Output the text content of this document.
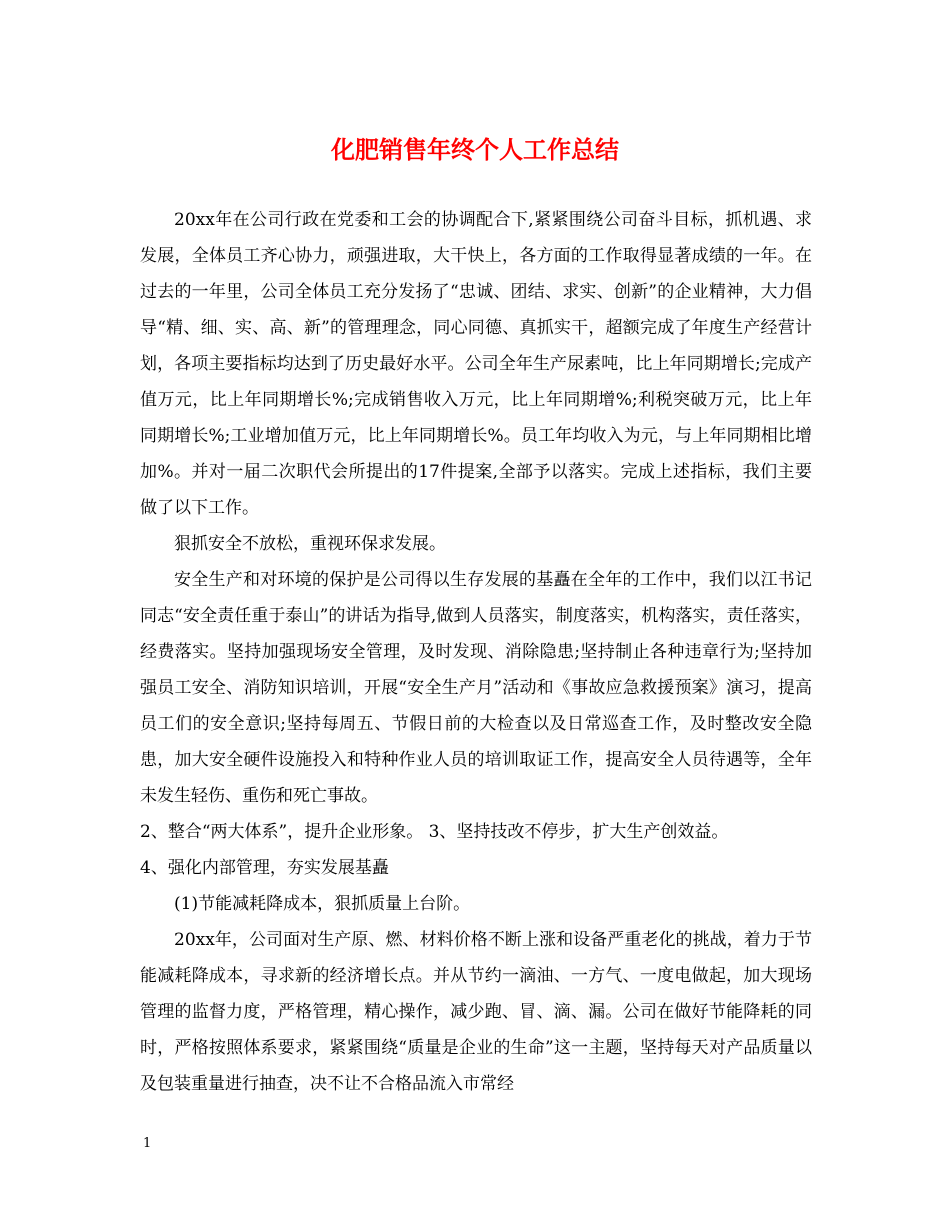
化肥销售年终个人工作总结

20xx年在公司行政在党委和工会的协调配合下,紧紧围绕公司奋斗目标，抓机遇、求发展，全体员工齐心协力，顽强进取，大干快上，各方面的工作取得显著成绩的一年。在过去的一年里，公司全体员工充分发扬了“忠诚、团结、求实、创新”的企业精神，大力倡导“精、细、实、高、新”的管理理念，同心同德、真抓实干，超额完成了年度生产经营计划，各项主要指标均达到了历史最好水平。公司全年生产尿素吨，比上年同期增长;完成产值万元，比上年同期增长%;完成销售收入万元，比上年同期增%;利税突破万元，比上年同期增长%;工业增加值万元，比上年同期增长%。员工年均收入为元，与上年同期相比增加%。并对一届二次职代会所提出的17件提案,全部予以落实。完成上述指标，我们主要做了以下工作。

狠抓安全不放松，重视环保求发展。

安全生产和对环境的保护是公司得以生存发展的基矗在全年的工作中，我们以江书记同志“安全责任重于泰山”的讲话为指导,做到人员落实，制度落实，机构落实，责任落实，经费落实。坚持加强现场安全管理，及时发现、消除隐患;坚持制止各种违章行为;坚持加强员工安全、消防知识培训，开展“安全生产月”活动和《事故应急救援预案》演习，提高员工们的安全意识;坚持每周五、节假日前的大检查以及日常巡查工作，及时整改安全隐患，加大安全硬件设施投入和特种作业人员的培训取证工作，提高安全人员待遇等，全年未发生轻伤、重伤和死亡事故。

2、整合“两大体系”，提升企业形象。 3、坚持技改不停步，扩大生产创效益。

4、强化内部管理，夯实发展基矗

(1)节能减耗降成本，狠抓质量上台阶。

20xx年，公司面对生产原、燃、材料价格不断上涨和设备严重老化的挑战，着力于节能减耗降成本，寻求新的经济增长点。并从节约一滴油、一方气、一度电做起，加大现场管理的监督力度，严格管理，精心操作，减少跑、冒、滴、漏。公司在做好节能降耗的同时，严格按照体系要求，紧紧围绕“质量是企业的生命”这一主题，坚持每天对产品质量以及包装重量进行抽查，决不让不合格品流入市常经

1
